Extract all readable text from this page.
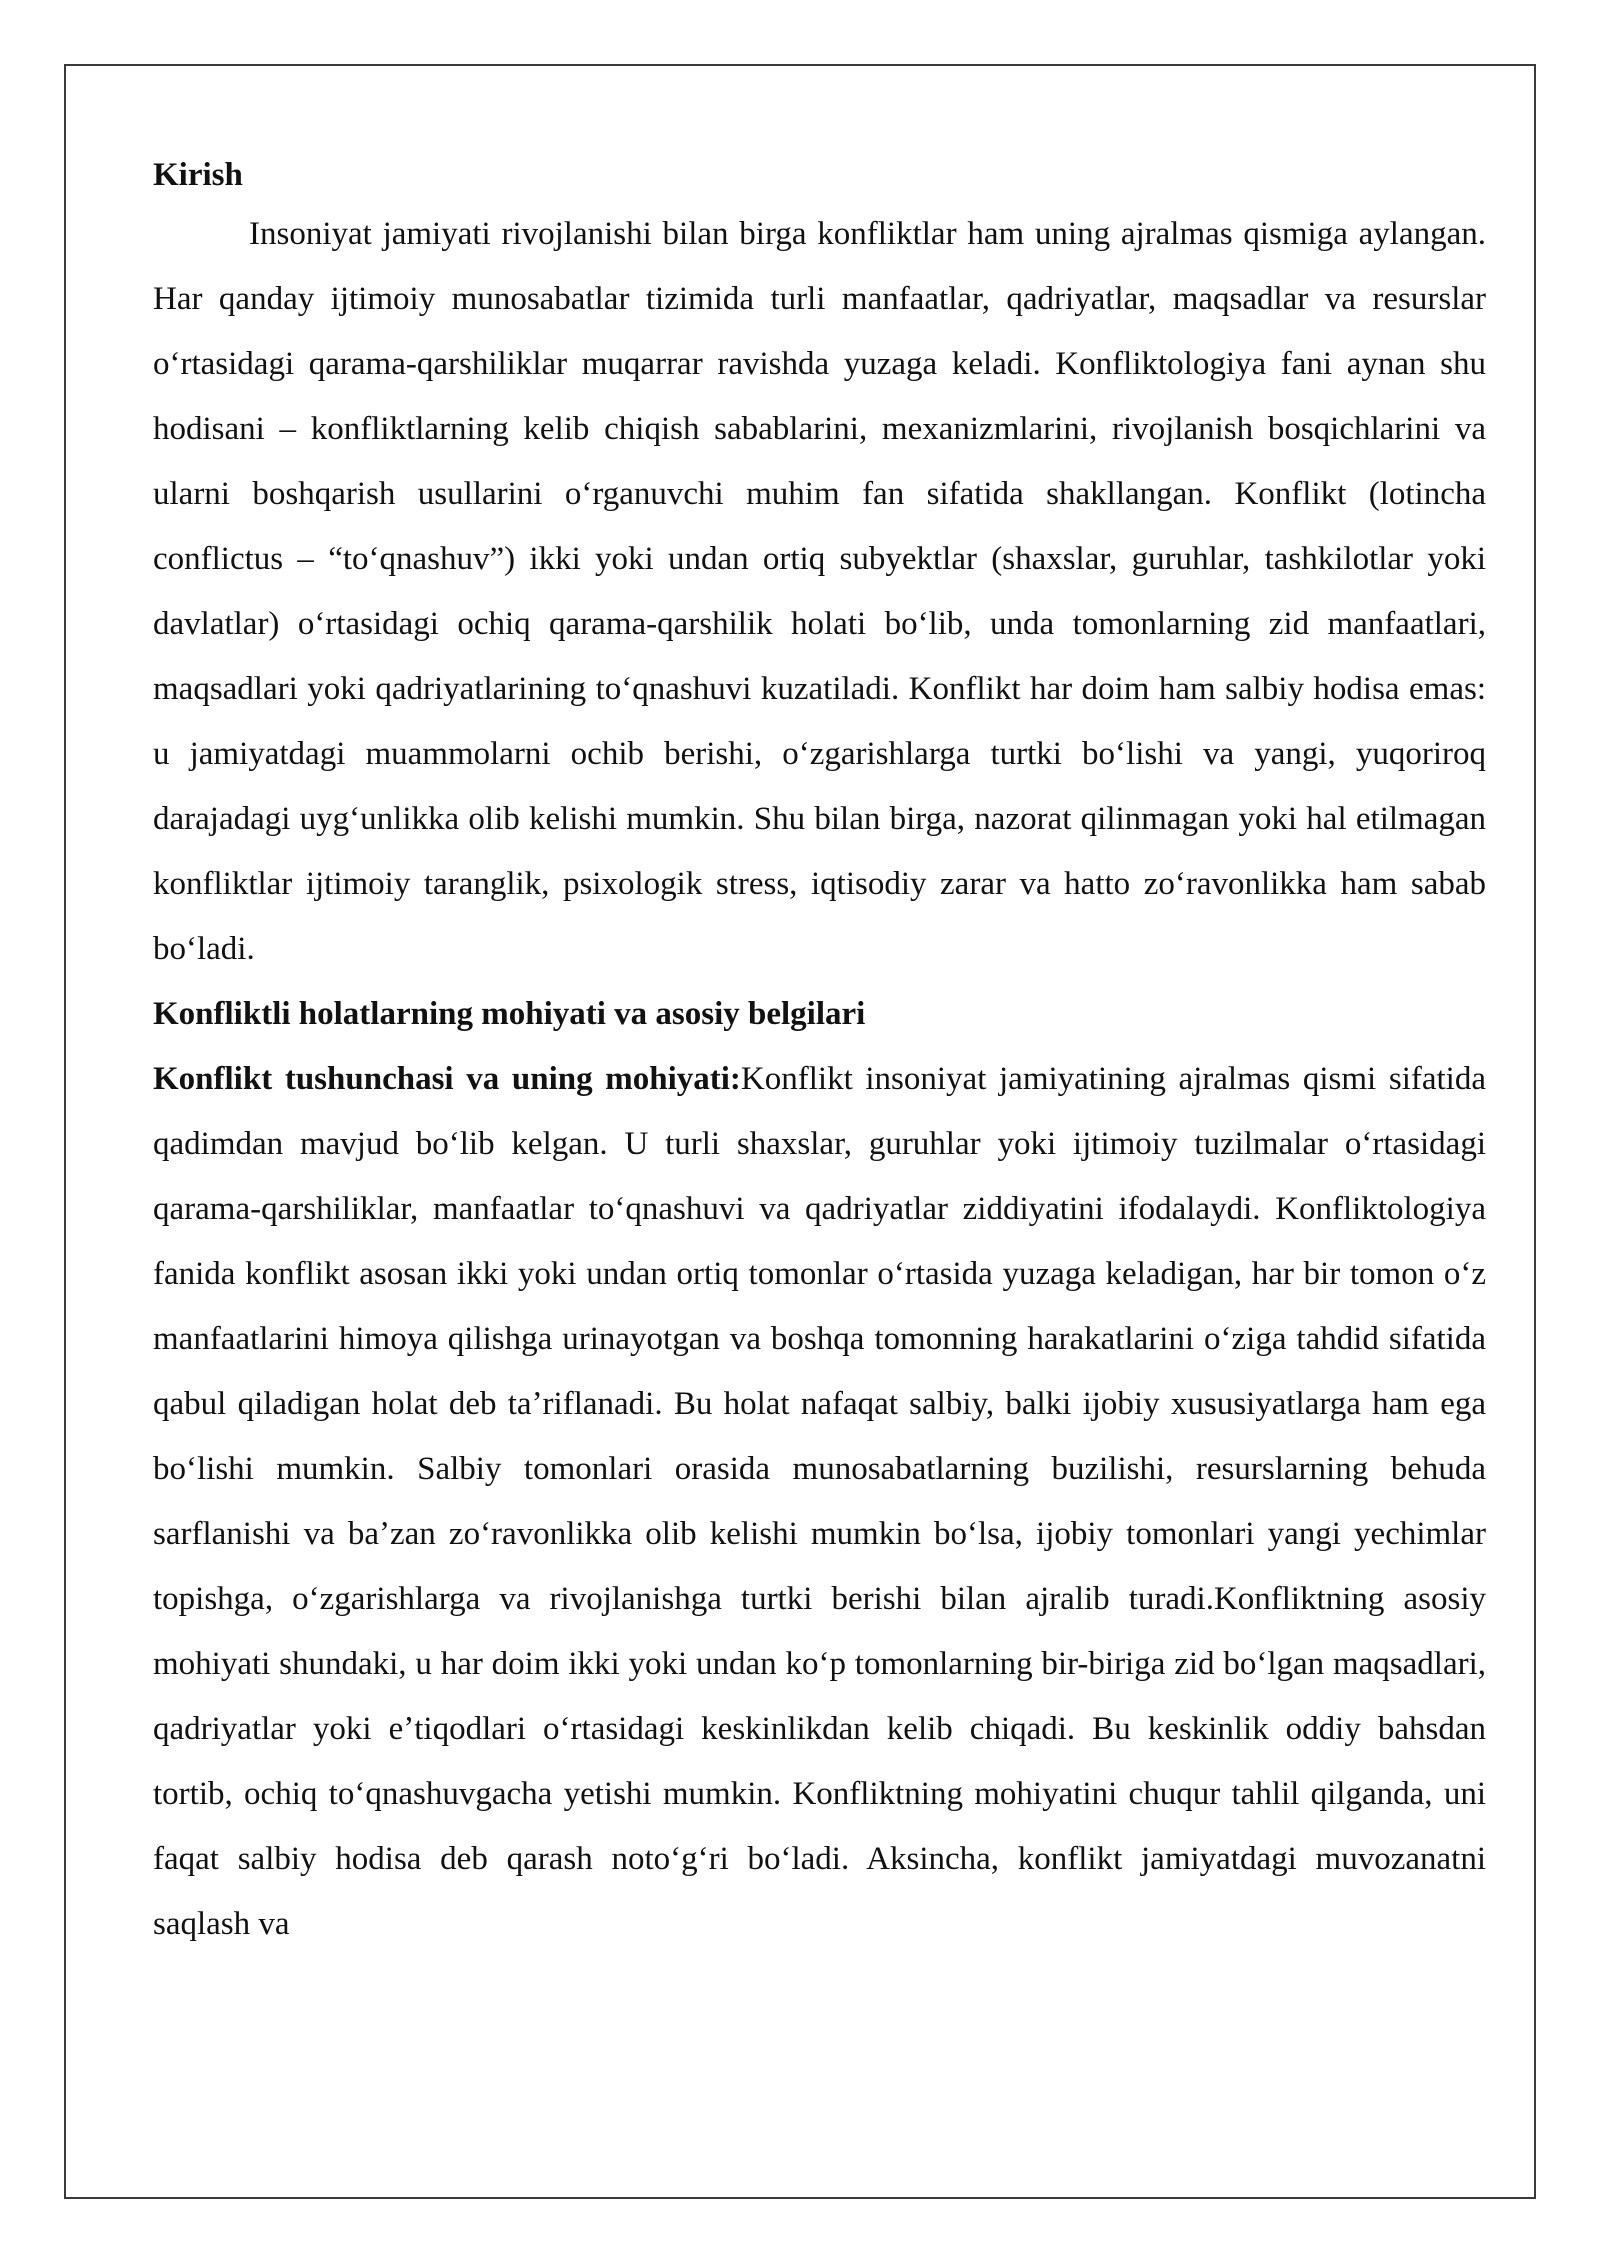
Kirish

Insoniyat jamiyati rivojlanishi bilan birga konfliktlar ham uning ajralmas qismiga aylangan. Har qanday ijtimoiy munosabatlar tizimida turli manfaatlar, qadriyatlar, maqsadlar va resurslar oʻrtasidagi qarama-qarshiliklar muqarrar ravishda yuzaga keladi. Konfliktologiya fani aynan shu hodisani – konfliktlarning kelib chiqish sabablarini, mexanizmlarini, rivojlanish bosqichlarini va ularni boshqarish usullarini oʻrganuvchi muhim fan sifatida shakllangan. Konflikt (lotincha conflictus – “toʻqnashuv”) ikki yoki undan ortiq subyektlar (shaxslar, guruhlar, tashkilotlar yoki davlatlar) oʻrtasidagi ochiq qarama-qarshilik holati boʻlib, unda tomonlarning zid manfaatlari, maqsadlari yoki qadriyatlarining toʻqnashuvi kuzatiladi. Konflikt har doim ham salbiy hodisa emas: u jamiyatdagi muammolarni ochib berishi, oʻzgarishlarga turtki boʻlishi va yangi, yuqoriroq darajadagi uygʻunlikka olib kelishi mumkin. Shu bilan birga, nazorat qilinmagan yoki hal etilmagan konfliktlar ijtimoiy taranglik, psixologik stress, iqtisodiy zarar va hatto zoʻravonlikka ham sabab boʻladi.

Konfliktli holatlarning mohiyati va asosiy belgilari

Konflikt tushunchasi va uning mohiyati:Konflikt insoniyat jamiyatining ajralmas qismi sifatida qadimdan mavjud boʻlib kelgan. U turli shaxslar, guruhlar yoki ijtimoiy tuzilmalar oʻrtasidagi qarama-qarshiliklar, manfaatlar toʻqnashuvi va qadriyatlar ziddiyatini ifodalaydi. Konfliktologiya fanida konflikt asosan ikki yoki undan ortiq tomonlar oʻrtasida yuzaga keladigan, har bir tomon oʻz manfaatlarini himoya qilishga urinayotgan va boshqa tomonning harakatlarini oʻziga tahdid sifatida qabul qiladigan holat deb taʼriflanadi. Bu holat nafaqat salbiy, balki ijobiy xususiyatlarga ham ega boʻlishi mumkin. Salbiy tomonlari orasida munosabatlarning buzilishi, resurslarning behuda sarflanishi va baʼzan zoʻravonlikka olib kelishi mumkin boʻlsa, ijobiy tomonlari yangi yechimlar topishga, oʻzgarishlarga va rivojlanishga turtki berishi bilan ajralib turadi.Konfliktning asosiy mohiyati shundaki, u har doim ikki yoki undan koʻp tomonlarning bir-biriga zid boʻlgan maqsadlari, qadriyatlar yoki eʼtiqodlari oʻrtasidagi keskinlikdan kelib chiqadi. Bu keskinlik oddiy bahsdan tortib, ochiq toʻqnashuvgacha yetishi mumkin. Konfliktning mohiyatini chuqur tahlil qilganda, uni faqat salbiy hodisa deb qarash notoʻgʻri boʻladi. Aksincha, konflikt jamiyatdagi muvozanatni saqlash va
